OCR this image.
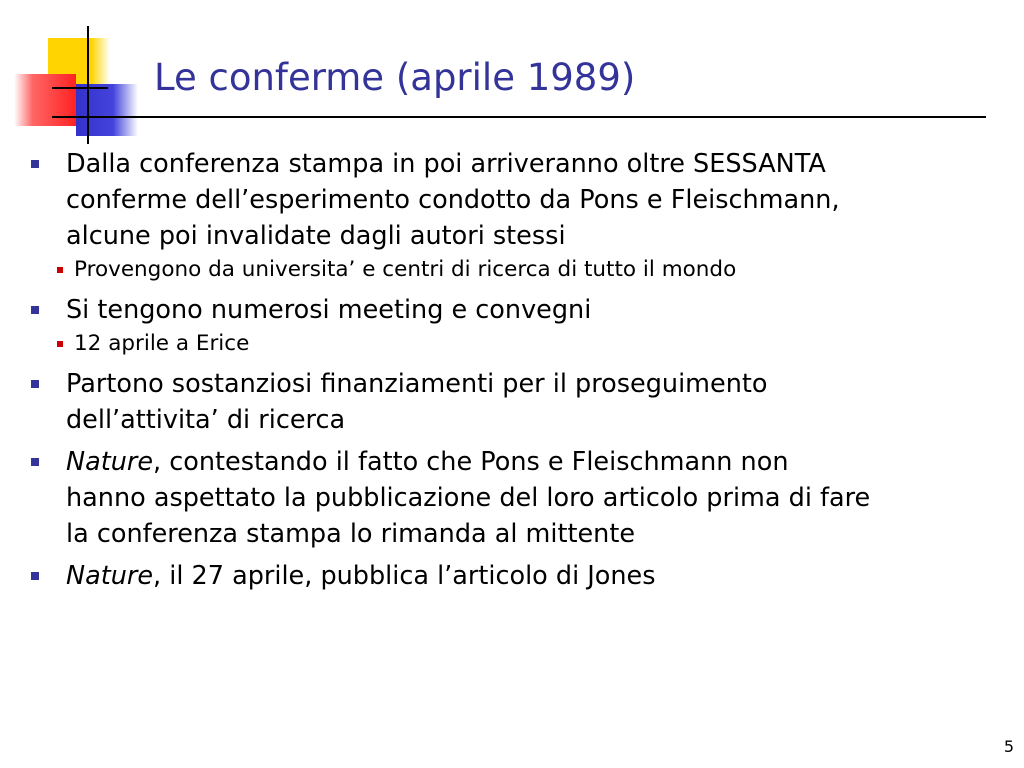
Le conferme (aprile 1989)
Dalla conferenza stampa in poi arriveranno oltre SESSANTA
conferme dell’esperimento condotto da Pons e Fleischmann,
alcune poi invalidate dagli autori stessi
Provengono da universita’ e centri di ricerca di tutto il mondo
Si tengono numerosi meeting e convegni
12 aprile a Erice
Partono sostanziosi finanziamenti per il proseguimento
dell’attivita’ di ricerca
Nature, contestando il fatto che Pons e Fleischmann non
hanno aspettato la pubblicazione del loro articolo prima di fare
la conferenza stampa lo rimanda al mittente
Nature, il 27 aprile, pubblica l’articolo di Jones
5
